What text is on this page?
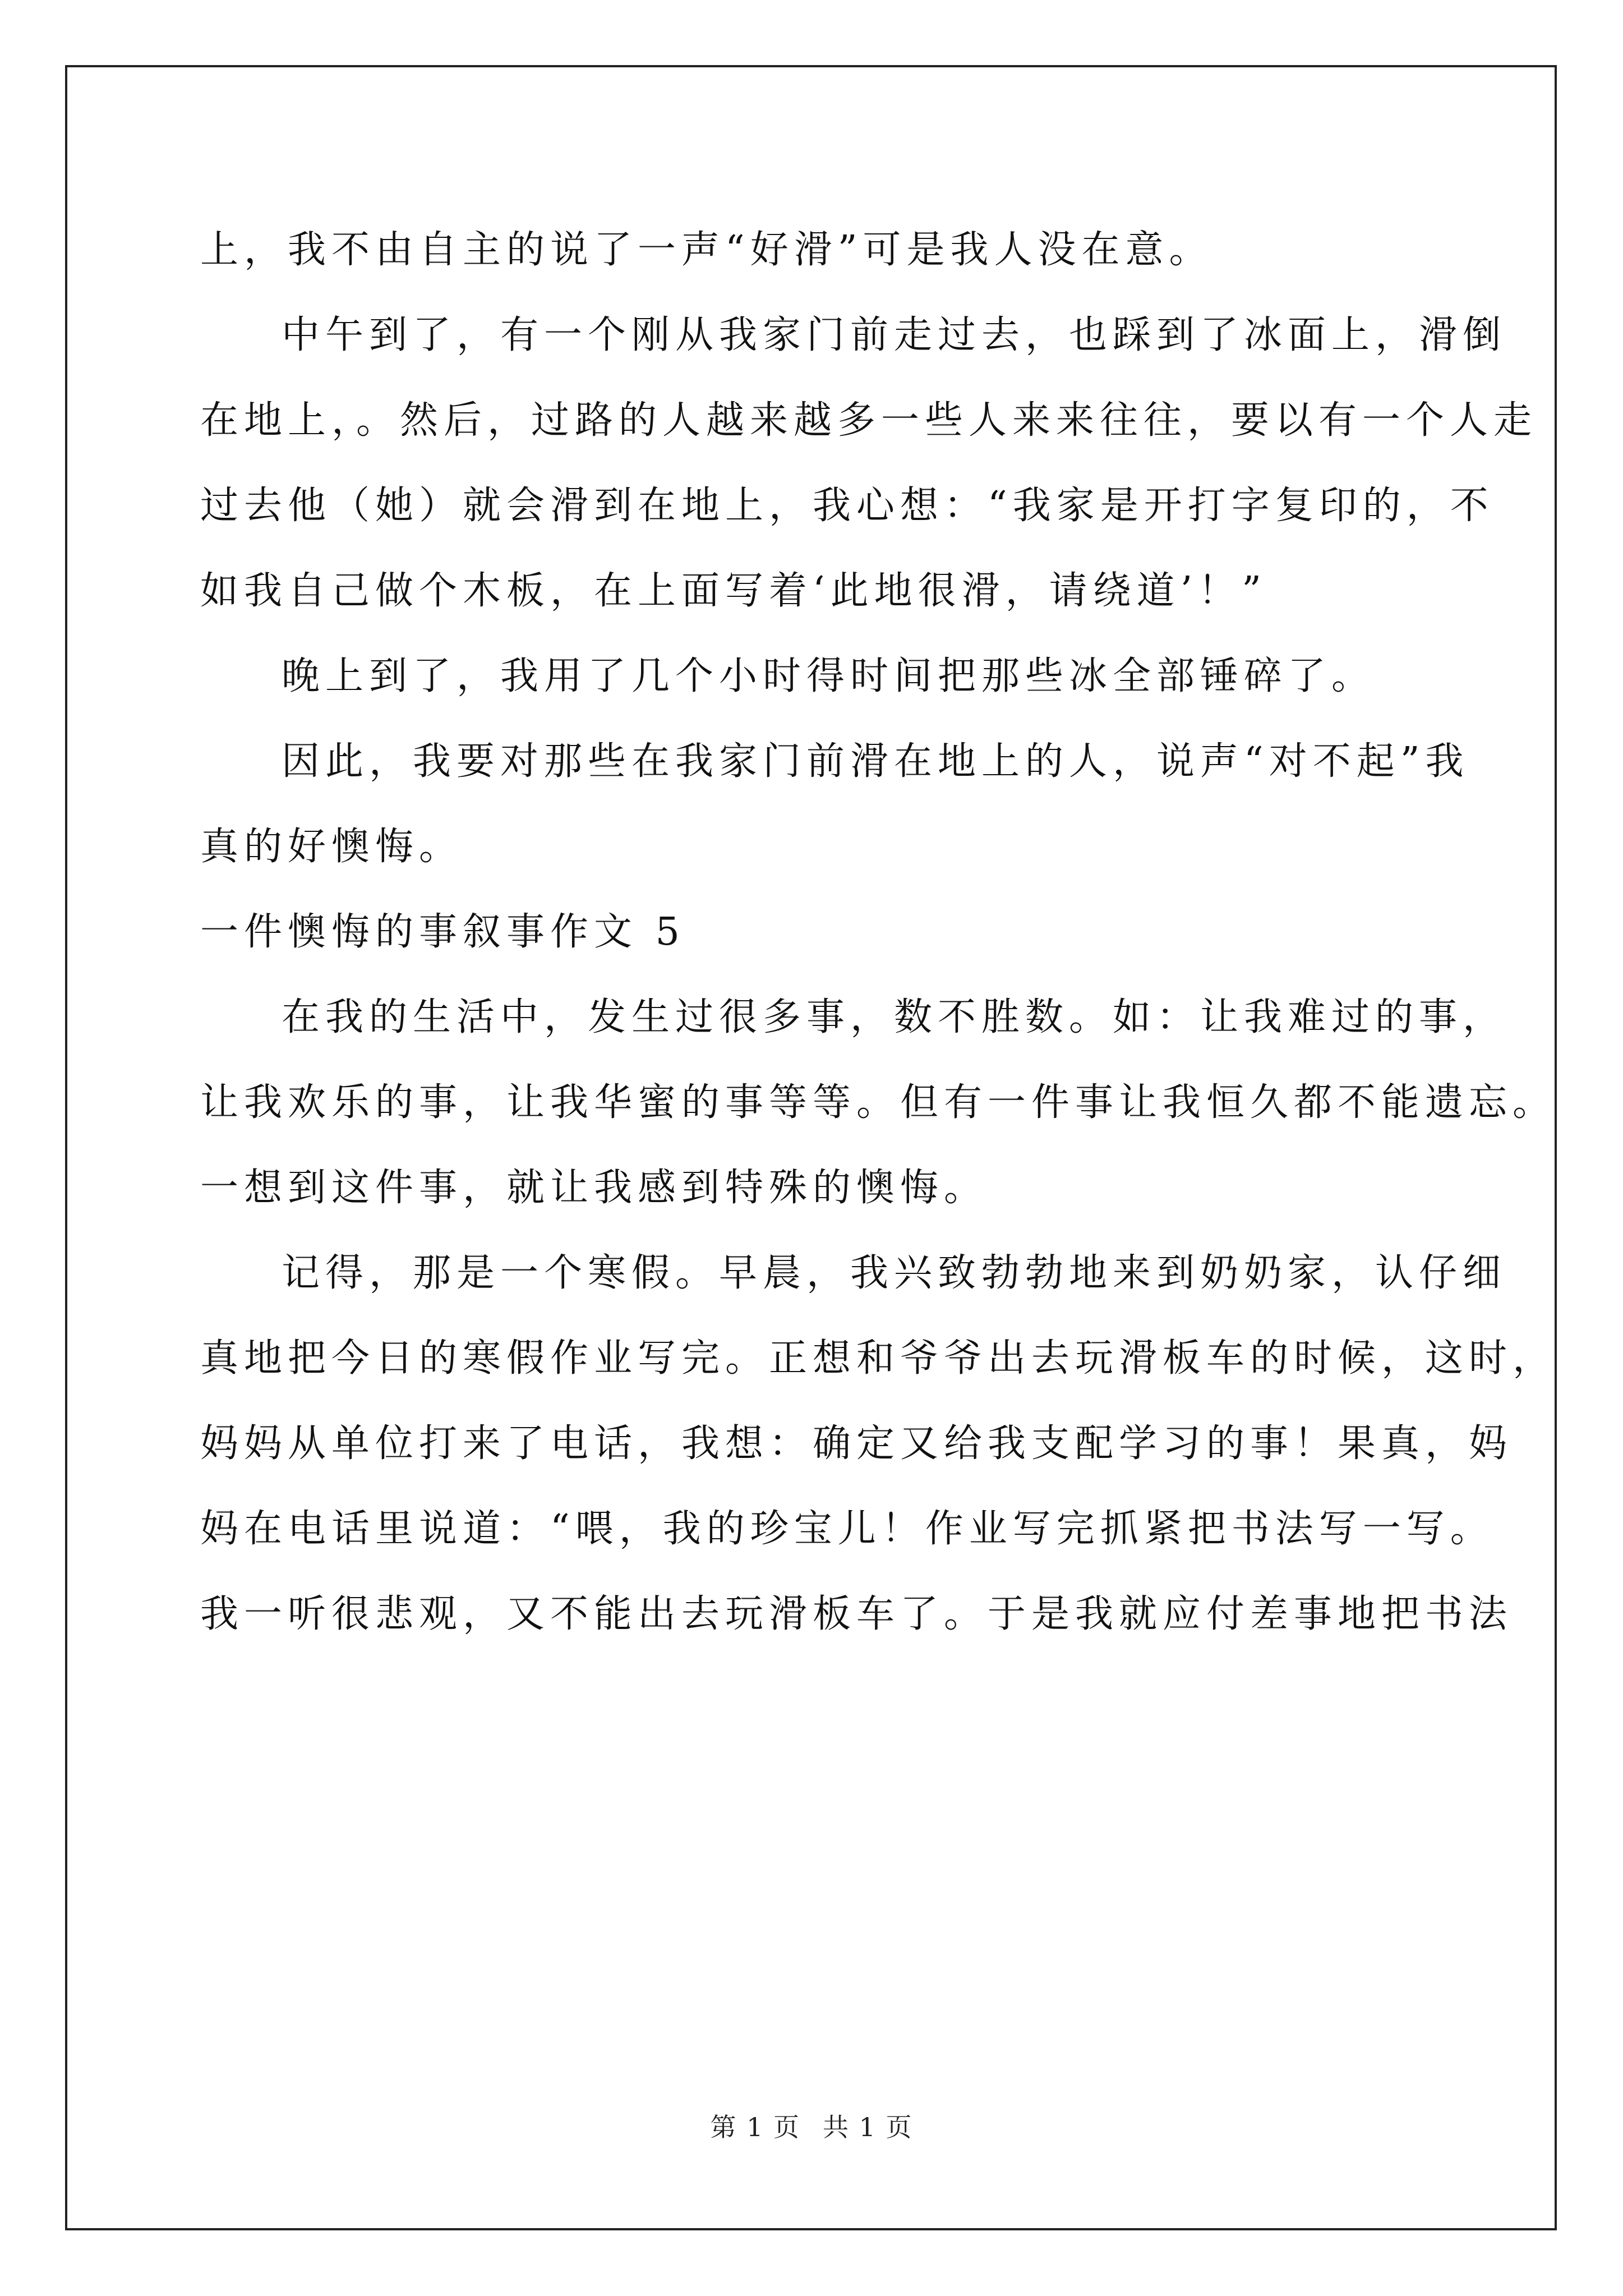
上，我不由自主的说了一声“好滑”可是我人没在意。
中午到了，有一个刚从我家门前走过去，也踩到了冰面上，滑倒
在地上，。然后，过路的人越来越多一些人来来往往，要以有一个人走
过去他（她）就会滑到在地上，我心想：“我家是开打字复印的，不
如我自己做个木板，在上面写着‘此地很滑，请绕道’！”
晚上到了，我用了几个小时得时间把那些冰全部锤碎了。
因此，我要对那些在我家门前滑在地上的人，说声“对不起”我
真的好懊悔。
一件懊悔的事叙事作文 5
在我的生活中，发生过很多事，数不胜数。如：让我难过的事，
让我欢乐的事，让我华蜜的事等等。但有一件事让我恒久都不能遗忘。
一想到这件事，就让我感到特殊的懊悔。
记得，那是一个寒假。早晨，我兴致勃勃地来到奶奶家，认仔细
真地把今日的寒假作业写完。正想和爷爷出去玩滑板车的时候，这时，
妈妈从单位打来了电话，我想：确定又给我支配学习的事！果真，妈
妈在电话里说道：“喂，我的珍宝儿！作业写完抓紧把书法写一写。
我一听很悲观，又不能出去玩滑板车了。于是我就应付差事地把书法
第 1 页 共 1 页
